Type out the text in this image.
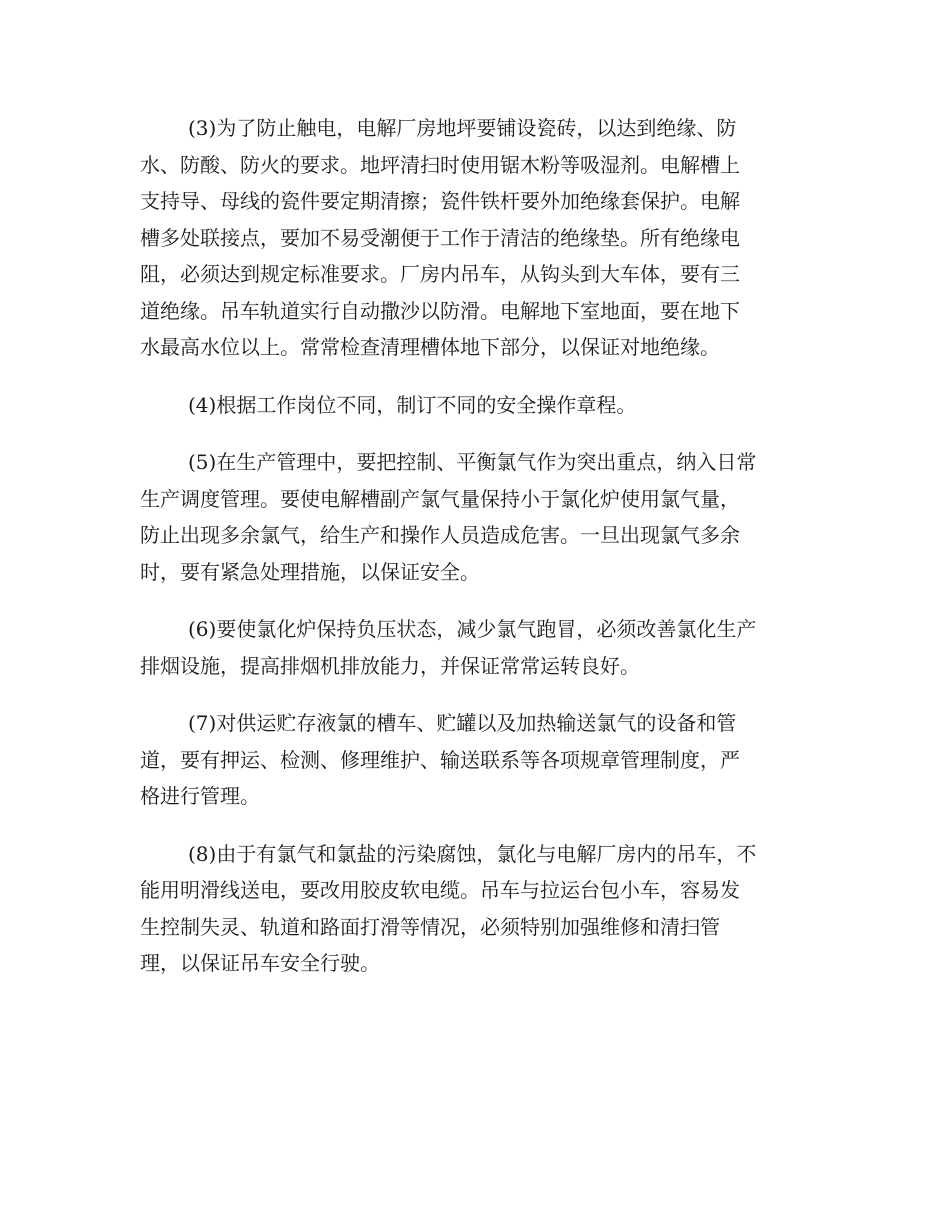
(3)为了防止触电，电解厂房地坪要铺设瓷砖，以达到绝缘、防
水、防酸、防火的要求。地坪清扫时使用锯木粉等吸湿剂。电解槽上
支持导、母线的瓷件要定期清擦；瓷件铁杆要外加绝缘套保护。电解
槽多处联接点，要加不易受潮便于工作于清洁的绝缘垫。所有绝缘电
阻，必须达到规定标准要求。厂房内吊车，从钩头到大车体，要有三
道绝缘。吊车轨道实行自动撒沙以防滑。电解地下室地面，要在地下
水最高水位以上。常常检查清理槽体地下部分，以保证对地绝缘。
(4)根据工作岗位不同，制订不同的安全操作章程。
(5)在生产管理中，要把控制、平衡氯气作为突出重点，纳入日常
生产调度管理。要使电解槽副产氯气量保持小于氯化炉使用氯气量，
防止出现多余氯气，给生产和操作人员造成危害。一旦出现氯气多余
时，要有紧急处理措施，以保证安全。
(6)要使氯化炉保持负压状态，减少氯气跑冒，必须改善氯化生产
排烟设施，提高排烟机排放能力，并保证常常运转良好。
(7)对供运贮存液氯的槽车、贮罐以及加热输送氯气的设备和管
道，要有押运、检测、修理维护、输送联系等各项规章管理制度，严
格进行管理。
(8)由于有氯气和氯盐的污染腐蚀，氯化与电解厂房内的吊车，不
能用明滑线送电，要改用胶皮软电缆。吊车与拉运台包小车，容易发
生控制失灵、轨道和路面打滑等情况，必须特别加强维修和清扫管
理，以保证吊车安全行驶。
